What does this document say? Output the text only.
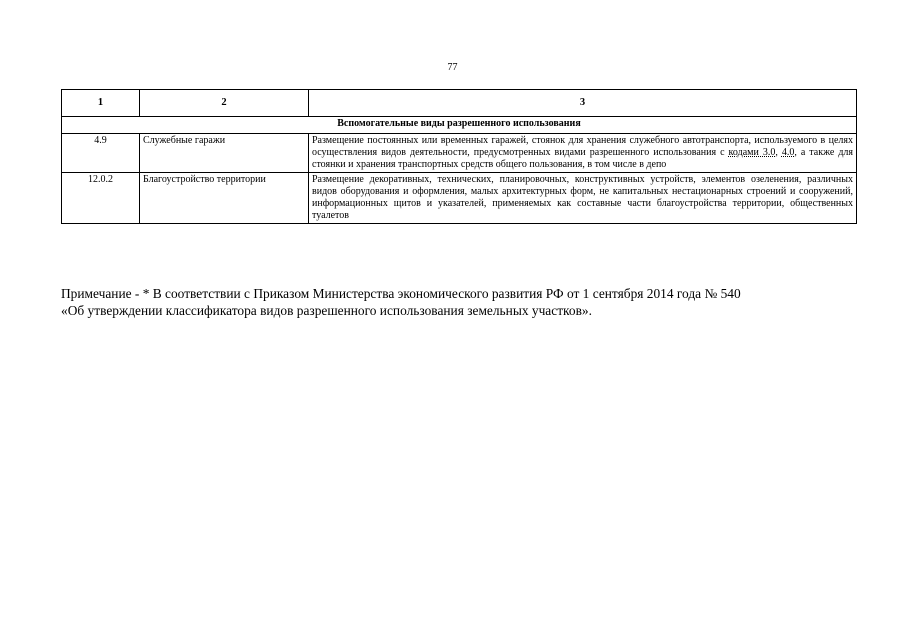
77
1	2	3
Вспомогательные виды разрешенного использования		
4.9	Служебные гаражи	Размещение постоянных или временных гаражей, стоянок для хранения служебного автотранспорта, используемого в целях осуществления видов деятельности, предусмотренных видами разрешенного использования с кодами 3.0, 4.0, а также для стоянки и хранения транспортных средств общего пользования, в том числе в депо
12.0.2	Благоустройство территории	Размещение декоративных, технических, планировочных, конструктивных устройств, элементов озеленения, различных видов оборудования и оформления, малых архитектурных форм, не капитальных нестационарных строений и сооружений, информационных щитов и указателей, применяемых как составные части благоустройства территории, общественных туалетов
Примечание - * В соответствии с Приказом Министерства экономического развития РФ от 1 сентября 2014 года № 540
«Об утверждении классификатора видов разрешенного использования земельных участков».
